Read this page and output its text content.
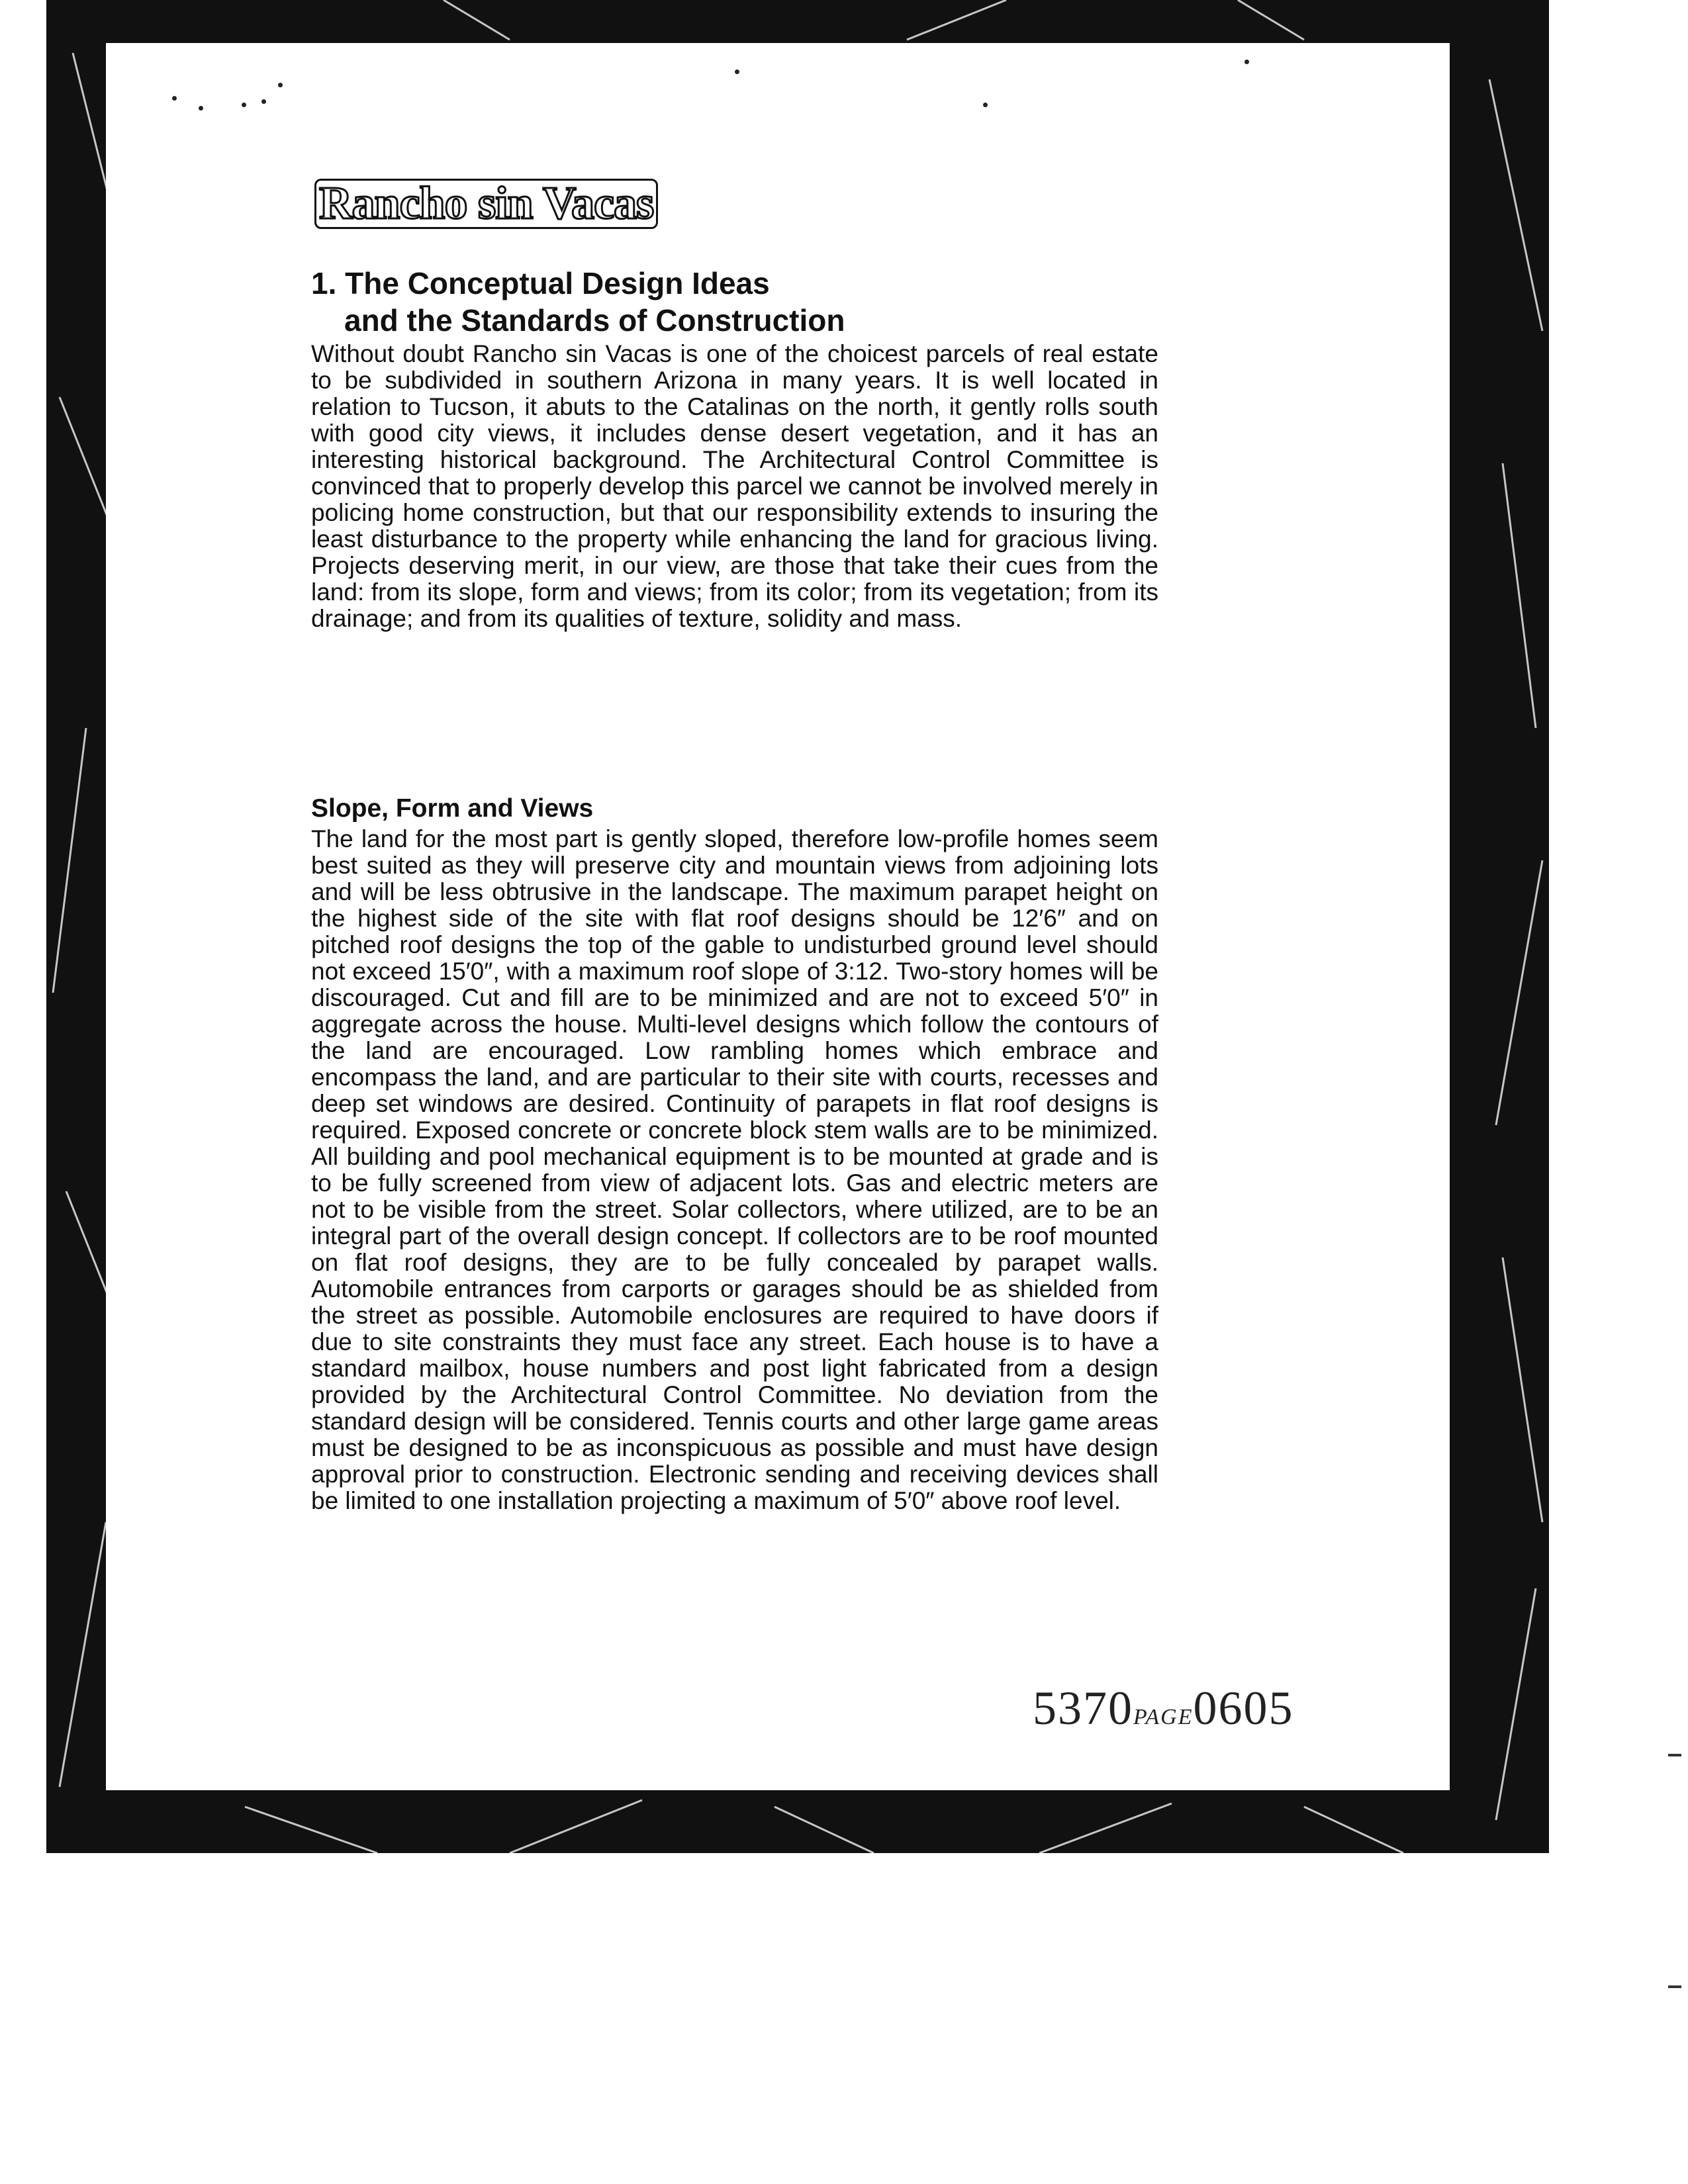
Rancho sin Vacas
1. The Conceptual Design Ideas
and the Standards of Construction

Without doubt Rancho sin Vacas is one of the choicest parcels of real estate to be subdivided in southern Arizona in many years. It is well located in relation to Tucson, it abuts to the Catalinas on the north, it gently rolls south with good city views, it includes dense desert vegetation, and it has an interesting historical background. The Architectural Control Committee is convinced that to properly develop this parcel we cannot be involved merely in policing home construction, but that our responsibility extends to insuring the least disturbance to the property while enhancing the land for gracious living. Projects deserving merit, in our view, are those that take their cues from the land: from its slope, form and views; from its color; from its vegetation; from its drainage; and from its qualities of texture, solidity and mass.

Slope, Form and Views

The land for the most part is gently sloped, therefore low-profile homes seem best suited as they will preserve city and mountain views from adjoining lots and will be less obtrusive in the landscape. The maximum parapet height on the highest side of the site with flat roof designs should be 12′6″ and on pitched roof designs the top of the gable to undisturbed ground level should not exceed 15′0″, with a maximum roof slope of 3:12. Two-story homes will be discouraged. Cut and fill are to be minimized and are not to exceed 5′0″ in aggregate across the house. Multi-level designs which follow the contours of the land are encouraged. Low rambling homes which embrace and encompass the land, and are particular to their site with courts, recesses and deep set windows are desired. Continuity of parapets in flat roof designs is required. Exposed concrete or concrete block stem walls are to be minimized. All building and pool mechanical equipment is to be mounted at grade and is to be fully screened from view of adjacent lots. Gas and electric meters are not to be visible from the street. Solar collectors, where utilized, are to be an integral part of the overall design concept. If collectors are to be roof mounted on flat roof designs, they are to be fully concealed by parapet walls. Automobile entrances from carports or garages should be as shielded from the street as possible. Automobile enclosures are required to have doors if due to site constraints they must face any street. Each house is to have a standard mailbox, house numbers and post light fabricated from a design provided by the Architectural Control Committee. No deviation from the standard design will be considered. Tennis courts and other large game areas must be designed to be as inconspicuous as possible and must have design approval prior to construction. Electronic sending and receiving devices shall be limited to one installation projecting a maximum of 5′0″ above roof level.

5370PAGE0605
